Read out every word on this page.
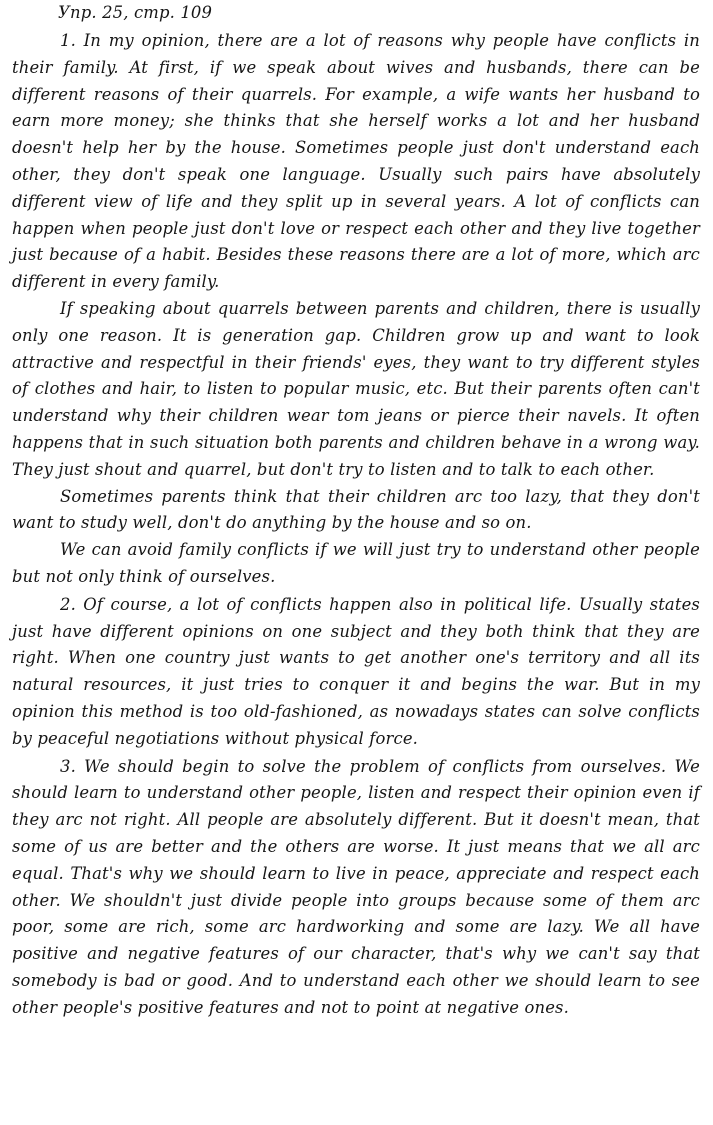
Упр. 25, стр. 109

1. In my opinion, there are a lot of reasons why people have conflicts in their family. At first, if we speak about wives and husbands, there can be different reasons of their quarrels. For example, a wife wants her husband to earn more money; she thinks that she herself works a lot and her husband doesn't help her by the house. Sometimes people just don't understand each other, they don't speak one language. Usually such pairs have absolutely different view of life and they split up in several years. A lot of conflicts can happen when people just don't love or respect each other and they live together just because of a habit. Besides these reasons there are a lot of more, which arc different in every family.

If speaking about quarrels between parents and children, there is usually only one reason. It is generation gap. Children grow up and want to look attractive and respectful in their friends' eyes, they want to try different styles of clothes and hair, to listen to popular music, etc. But their parents often can't understand why their children wear tom jeans or pierce their navels. It often happens that in such situation both parents and children behave in a wrong way. They just shout and quarrel, but don't try to listen and to talk to each other.

Sometimes parents think that their children arc too lazy, that they don't want to study well, don't do anything by the house and so on.

We can avoid family conflicts if we will just try to understand other people but not only think of ourselves.

2. Of course, a lot of conflicts happen also in political life. Usually states just have different opinions on one subject and they both think that they are right. When one country just wants to get another one's territory and all its natural resources, it just tries to conquer it and begins the war. But in my opinion this method is too old-fashioned, as nowadays states can solve conflicts by peaceful negotiations without physical force.

3. We should begin to solve the problem of conflicts from ourselves. We should learn to understand other people, listen and respect their opinion even if they arc not right. All people are absolutely different. But it doesn't mean, that some of us are better and the others are worse. It just means that we all arc equal. That's why we should learn to live in peace, appreciate and respect each other. We shouldn't just divide people into groups because some of them arc poor, some are rich, some arc hardworking and some are lazy. We all have positive and negative features of our character, that's why we can't say that somebody is bad or good. And to understand each other we should learn to see other people's positive features and not to point at negative ones.
